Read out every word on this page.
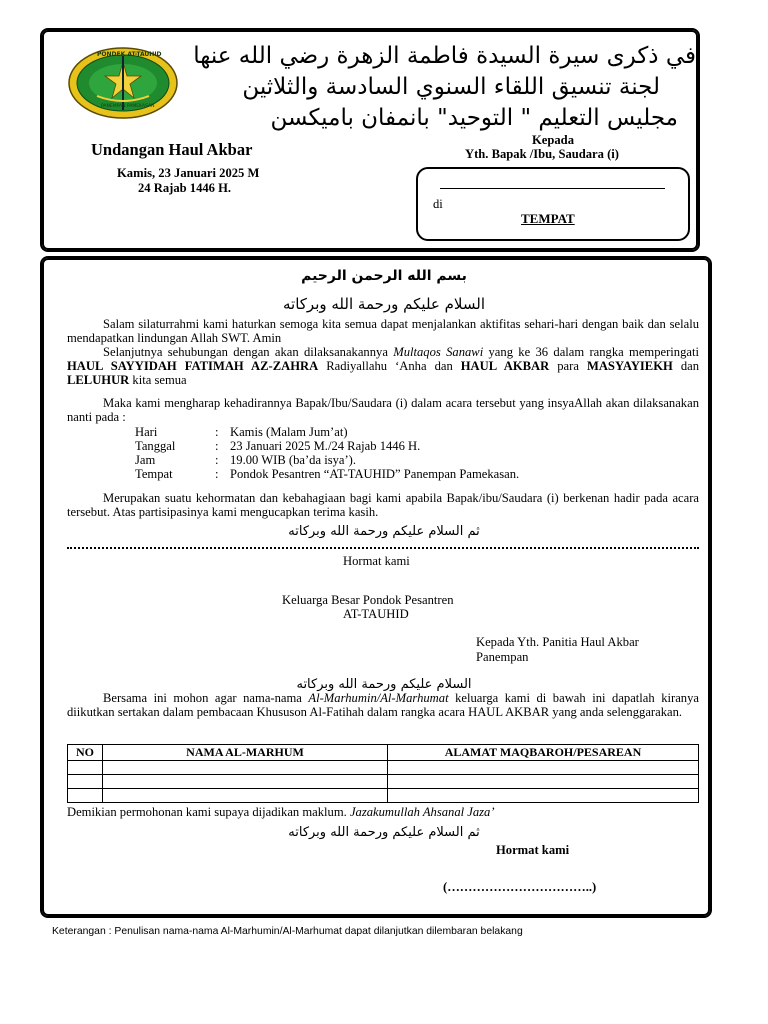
PONDEK AT-TAUHID
PANEMPAN PAMEKASAN
في ذكرى سيرة السيدة فاطمة الزهرة رضي الله عنها
لجنة تنسيق اللقاء السنوي السادسة والثلاثين
مجليس التعليم " التوحيد" بانمفان باميكسن
Undangan Haul Akbar
Kamis, 23 Januari 2025 M
24 Rajab 1446 H.
Kepada
Yth. Bapak /Ibu, Saudara (i)
di
TEMPAT
بسم الله الرحمن الرحيم
السلام عليكم ورحمة الله وبركاته
Salam silaturrahmi kami haturkan semoga kita semua dapat menjalankan aktifitas sehari-hari dengan baik dan selalu mendapatkan lindungan Allah SWT. Amin
Selanjutnya sehubungan dengan akan dilaksanakannya Multaqos Sanawi yang ke 36 dalam rangka memperingati HAUL SAYYIDAH FATIMAH AZ-ZAHRA Radiyallahu ‘Anha dan HAUL AKBAR para MASYAYIEKH dan LELUHUR kita semua
Maka kami mengharap kehadirannya Bapak/Ibu/Saudara (i) dalam acara tersebut yang insyaAllah akan dilaksanakan nanti pada :
Hari	: Kamis (Malam Jum’at)
Tanggal	: 23 Januari 2025 M./24 Rajab 1446 H.
Jam	: 19.00 WIB (ba’da isya’).
Tempat	: Pondok Pesantren “AT-TAUHID” Panempan Pamekasan.
Merupakan suatu kehormatan dan kebahagiaan bagi kami apabila Bapak/ibu/Saudara (i) berkenan hadir pada acara tersebut. Atas partisipasinya kami mengucapkan terima kasih.
ثم السلام عليكم ورحمة الله وبركاته
Hormat kami
Keluarga Besar Pondok Pesantren
AT-TAUHID
Kepada Yth. Panitia Haul Akbar
Panempan
السلام عليكم ورحمة الله وبركاته
Bersama ini mohon agar nama-nama Al-Marhumin/Al-Marhumat keluarga kami di bawah ini dapatlah kiranya diikutkan sertakan dalam pembacaan Khususon Al-Fatihah dalam rangka acara HAUL AKBAR yang anda selenggarakan.
NO	NAMA AL-MARHUM	ALAMAT MAQBAROH/PESAREAN

Demikian permohonan kami supaya dijadikan maklum. Jazakumullah Ahsanal Jaza’
ثم السلام عليكم ورحمة الله وبركاته
Hormat kami
(……………………………..)
Keterangan : Penulisan nama-nama Al-Marhumin/Al-Marhumat dapat dilanjutkan dilembaran belakang
